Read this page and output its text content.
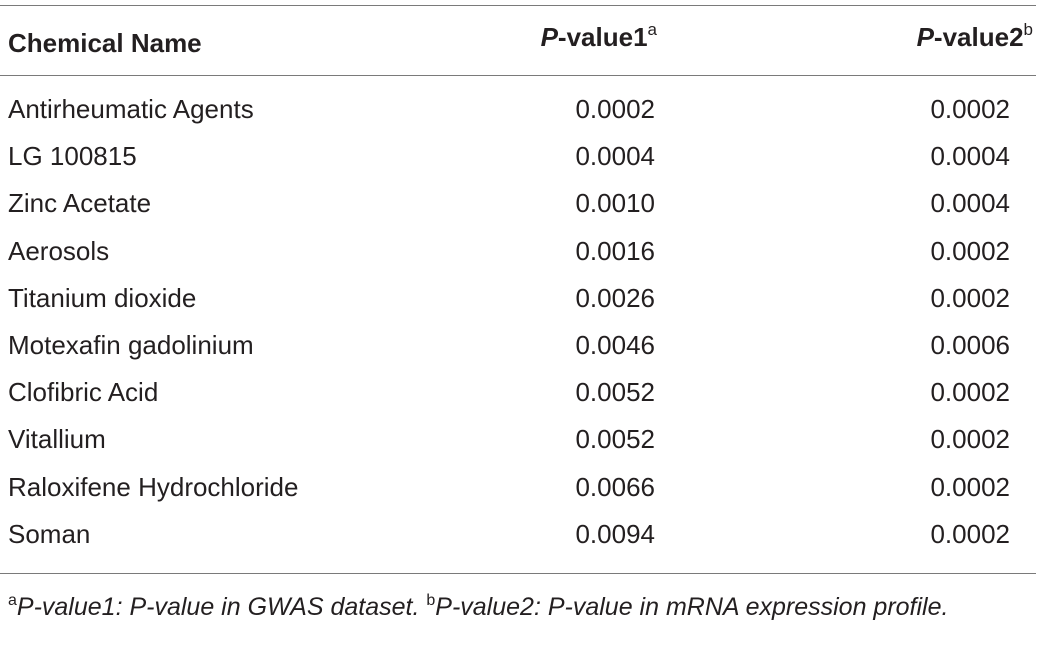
Chemical Name	P-value1$^a$	P-value2$^b$
Antirheumatic Agents	0.0002	0.0002
LG 100815	0.0004	0.0004
Zinc Acetate	0.0010	0.0004
Aerosols	0.0016	0.0002
Titanium dioxide	0.0026	0.0002
Motexafin gadolinium	0.0046	0.0006
Clofibric Acid	0.0052	0.0002
Vitallium	0.0052	0.0002
Raloxifene Hydrochloride	0.0066	0.0002
Soman	0.0094	0.0002
$^a$P-value1: P-value in GWAS dataset. $^b$P-value2: P-value in mRNA expression profile.
